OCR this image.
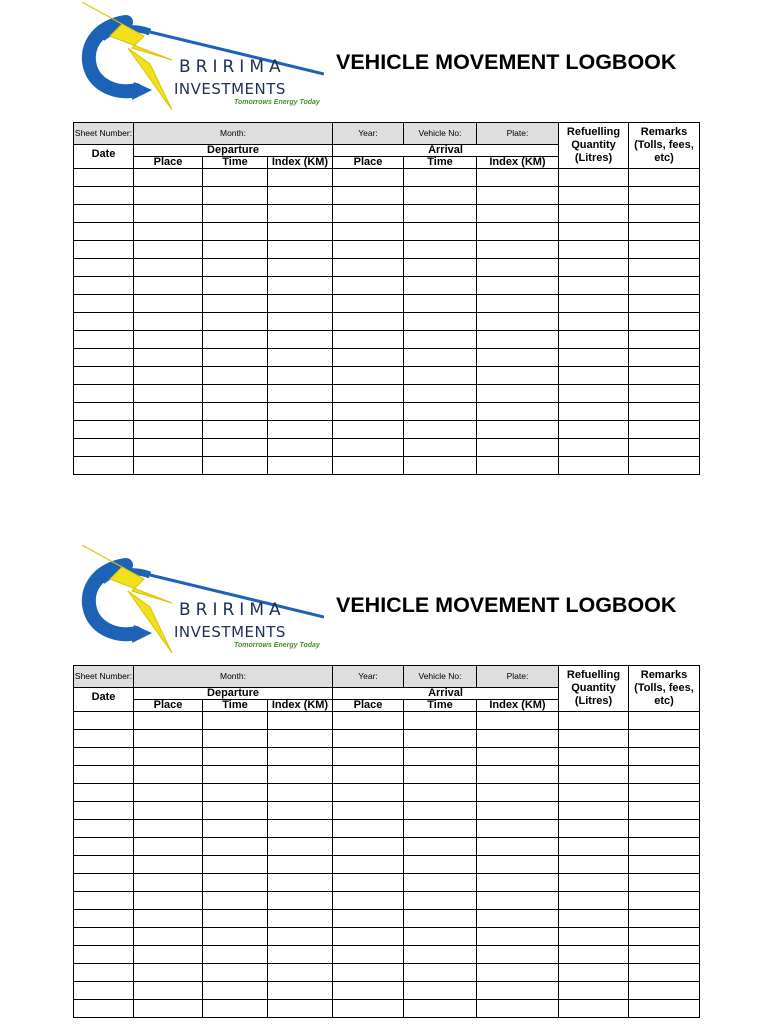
BRIRIMA
INVESTMENTS
Tomorrows Energy Today
VEHICLE MOVEMENT LOGBOOK
Sheet Number:	Month:			Year:	Vehicle No:	Plate:	Refuelling Quantity (Litres)	Remarks (Tolls, fees, etc)
Date	Departure			Arrival				
	Place	Time	Index (KM)	Place	Time	Index (KM)		

BRIRIMA
INVESTMENTS
Tomorrows Energy Today
VEHICLE MOVEMENT LOGBOOK
Sheet Number:	Month:			Year:	Vehicle No:	Plate:	Refuelling Quantity (Litres)	Remarks (Tolls, fees, etc)
Date	Departure			Arrival				
	Place	Time	Index (KM)	Place	Time	Index (KM)		
